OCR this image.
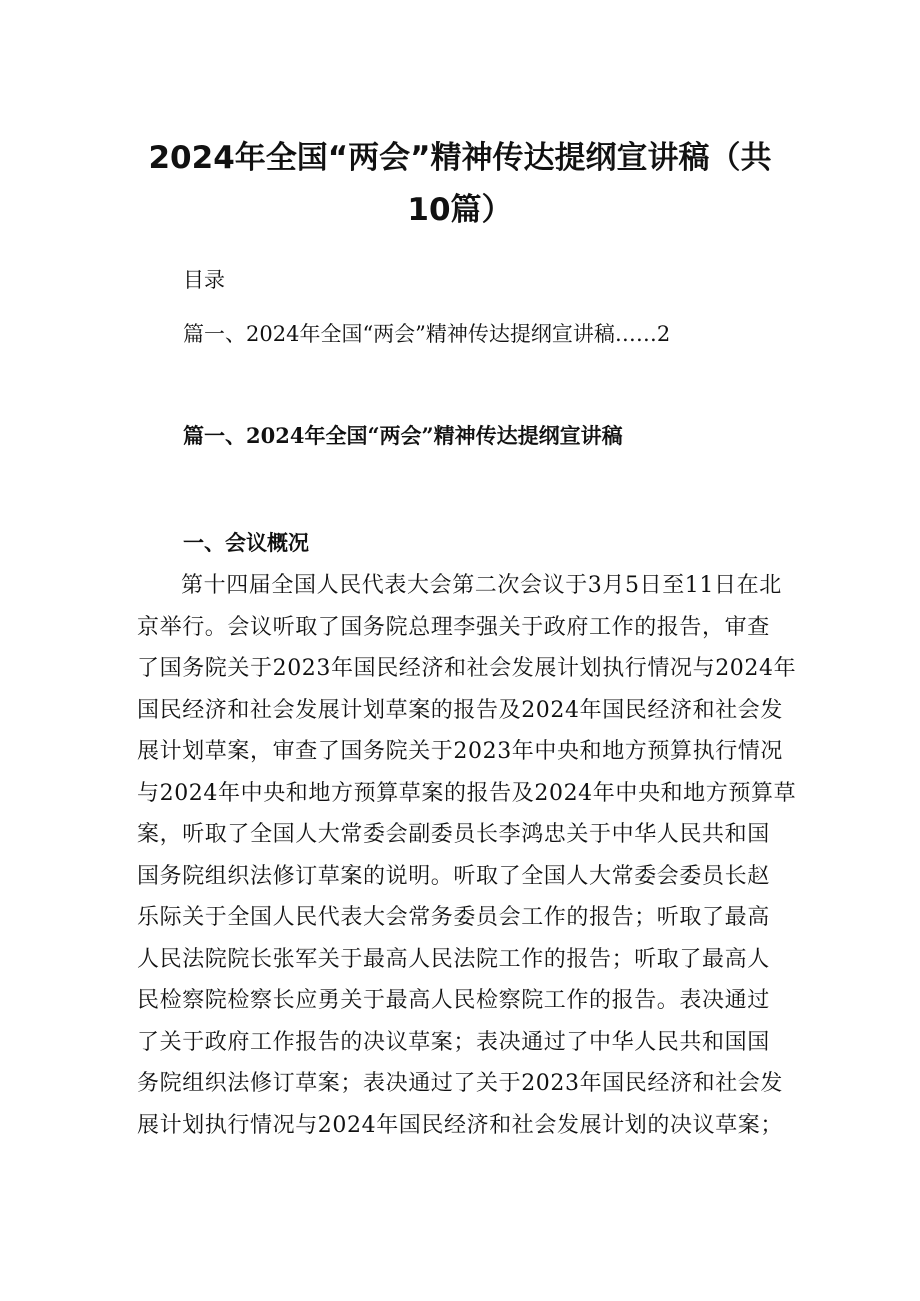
2024年全国“两会”精神传达提纲宣讲稿（共
10篇）

目录

篇一、2024年全国“两会”精神传达提纲宣讲稿……2

篇一、2024年全国“两会”精神传达提纲宣讲稿
一、会议概况
第十四届全国人民代表大会第二次会议于3月5日至11日在北
京举行。会议听取了国务院总理李强关于政府工作的报告，审查
了国务院关于2023年国民经济和社会发展计划执行情况与2024年
国民经济和社会发展计划草案的报告及2024年国民经济和社会发
展计划草案，审查了国务院关于2023年中央和地方预算执行情况
与2024年中央和地方预算草案的报告及2024年中央和地方预算草
案，听取了全国人大常委会副委员长李鸿忠关于中华人民共和国
国务院组织法修订草案的说明。听取了全国人大常委会委员长赵
乐际关于全国人民代表大会常务委员会工作的报告；听取了最高
人民法院院长张军关于最高人民法院工作的报告；听取了最高人
民检察院检察长应勇关于最高人民检察院工作的报告。表决通过
了关于政府工作报告的决议草案；表决通过了中华人民共和国国
务院组织法修订草案；表决通过了关于2023年国民经济和社会发
展计划执行情况与2024年国民经济和社会发展计划的决议草案；
